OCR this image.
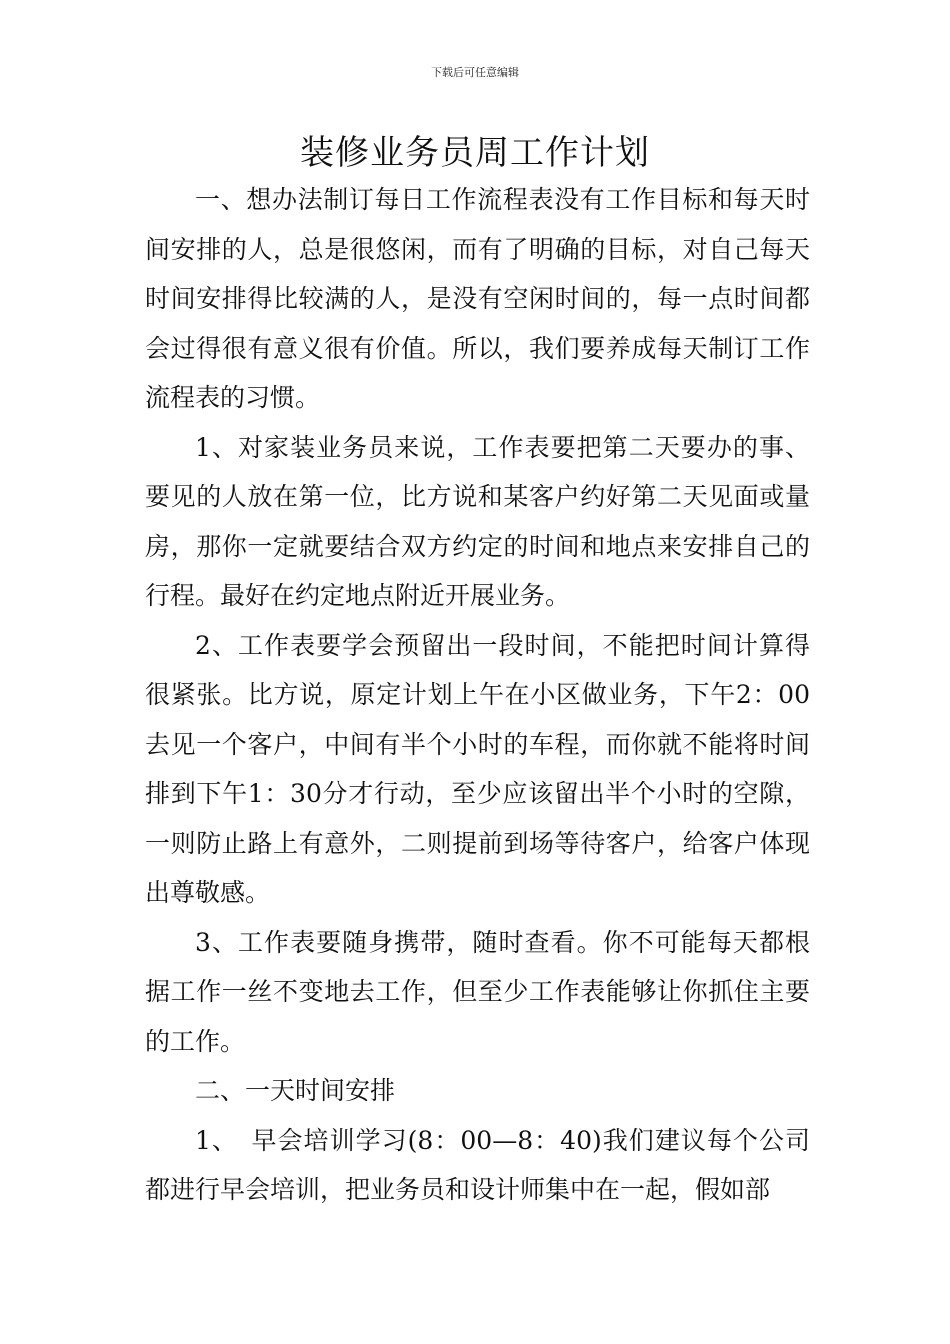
下载后可任意编辑
装修业务员周工作计划

一、想办法制订每日工作流程表没有工作目标和每天时间安排的人，总是很悠闲，而有了明确的目标，对自己每天时间安排得比较满的人，是没有空闲时间的，每一点时间都会过得很有意义很有价值。所以，我们要养成每天制订工作流程表的习惯。

1、对家装业务员来说，工作表要把第二天要办的事、要见的人放在第一位，比方说和某客户约好第二天见面或量房，那你一定就要结合双方约定的时间和地点来安排自己的行程。最好在约定地点附近开展业务。

2、工作表要学会预留出一段时间，不能把时间计算得很紧张。比方说，原定计划上午在小区做业务，下午2：00去见一个客户，中间有半个小时的车程，而你就不能将时间排到下午1：30分才行动，至少应该留出半个小时的空隙，一则防止路上有意外，二则提前到场等待客户，给客户体现出尊敬感。

3、工作表要随身携带，随时查看。你不可能每天都根据工作一丝不变地去工作，但至少工作表能够让你抓住主要的工作。

二、一天时间安排

1、　早会培训学习(8：00—8：40)我们建议每个公司都进行早会培训，把业务员和设计师集中在一起，假如部
